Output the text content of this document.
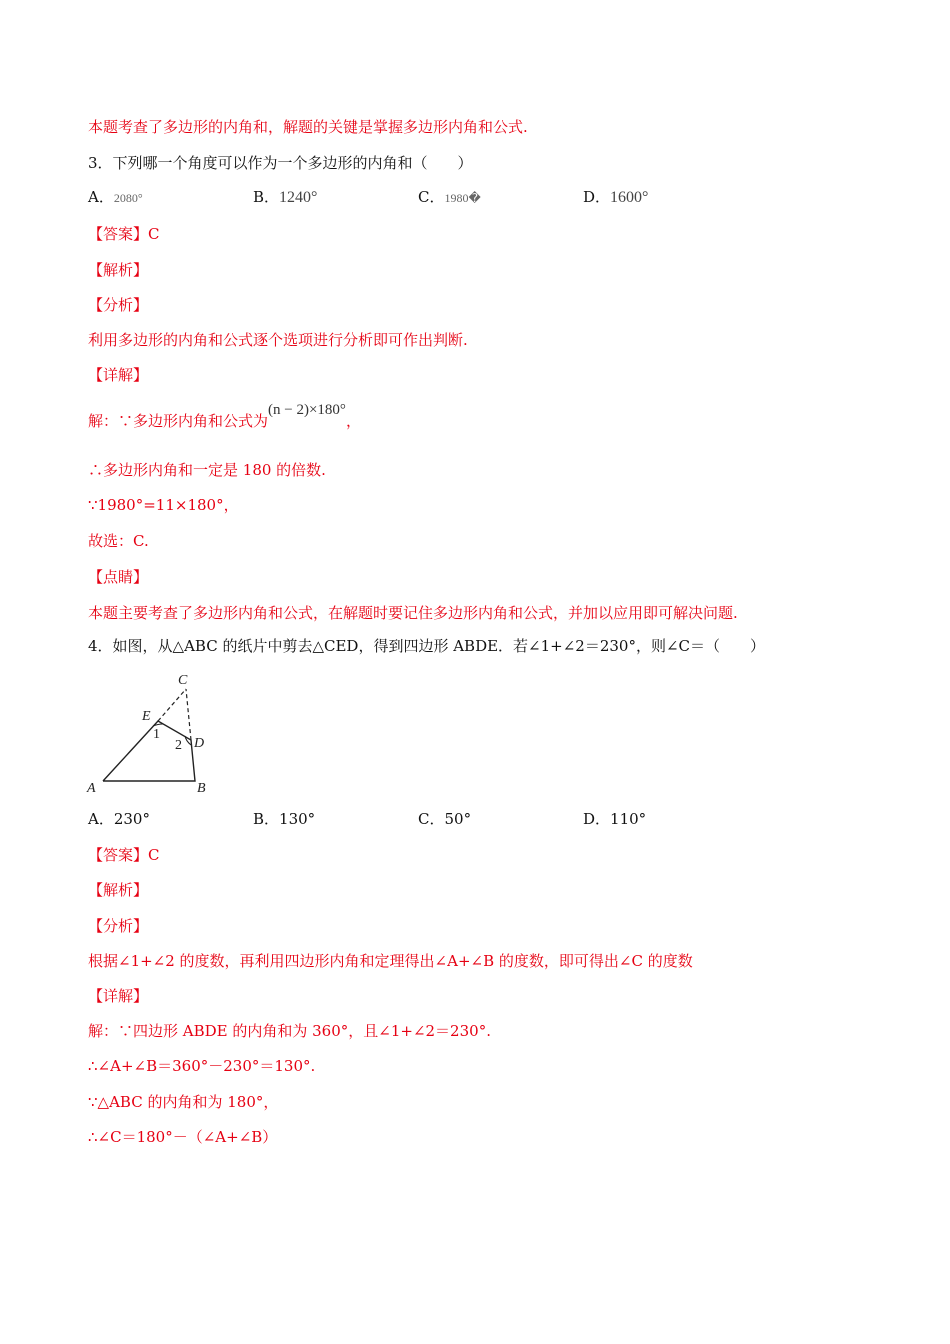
本题考查了多边形的内角和，解题的关键是掌握多边形内角和公式.
3．下列哪一个角度可以作为一个多边形的内角和（　　）
A．2080°	B．1240°	C．1980�	D．1600°
【答案】C
【解析】
【分析】
利用多边形的内角和公式逐个选项进行分析即可作出判断.
【详解】
解：∵多边形内角和公式为(n − 2)×180°，
∴多边形内角和一定是 180 的倍数.
∵1980°=11×180°，
故选：C.
【点睛】
本题主要考查了多边形内角和公式，在解题时要记住多边形内角和公式，并加以应用即可解决问题.
4．如图，从△ABC 的纸片中剪去△CED，得到四边形 ABDE．若∠1+∠2＝230°，则∠C＝（　　）
C
E
D
A	B
1
2
A．230°	B．130°	C．50°	D．110°
【答案】C
【解析】
【分析】
根据∠1+∠2 的度数，再利用四边形内角和定理得出∠A+∠B 的度数，即可得出∠C 的度数
【详解】
解：∵四边形 ABDE 的内角和为 360°，且∠1+∠2＝230°.
∴∠A+∠B＝360°－230°＝130°.
∵△ABC 的内角和为 180°，
∴∠C＝180°－（∠A+∠B）
